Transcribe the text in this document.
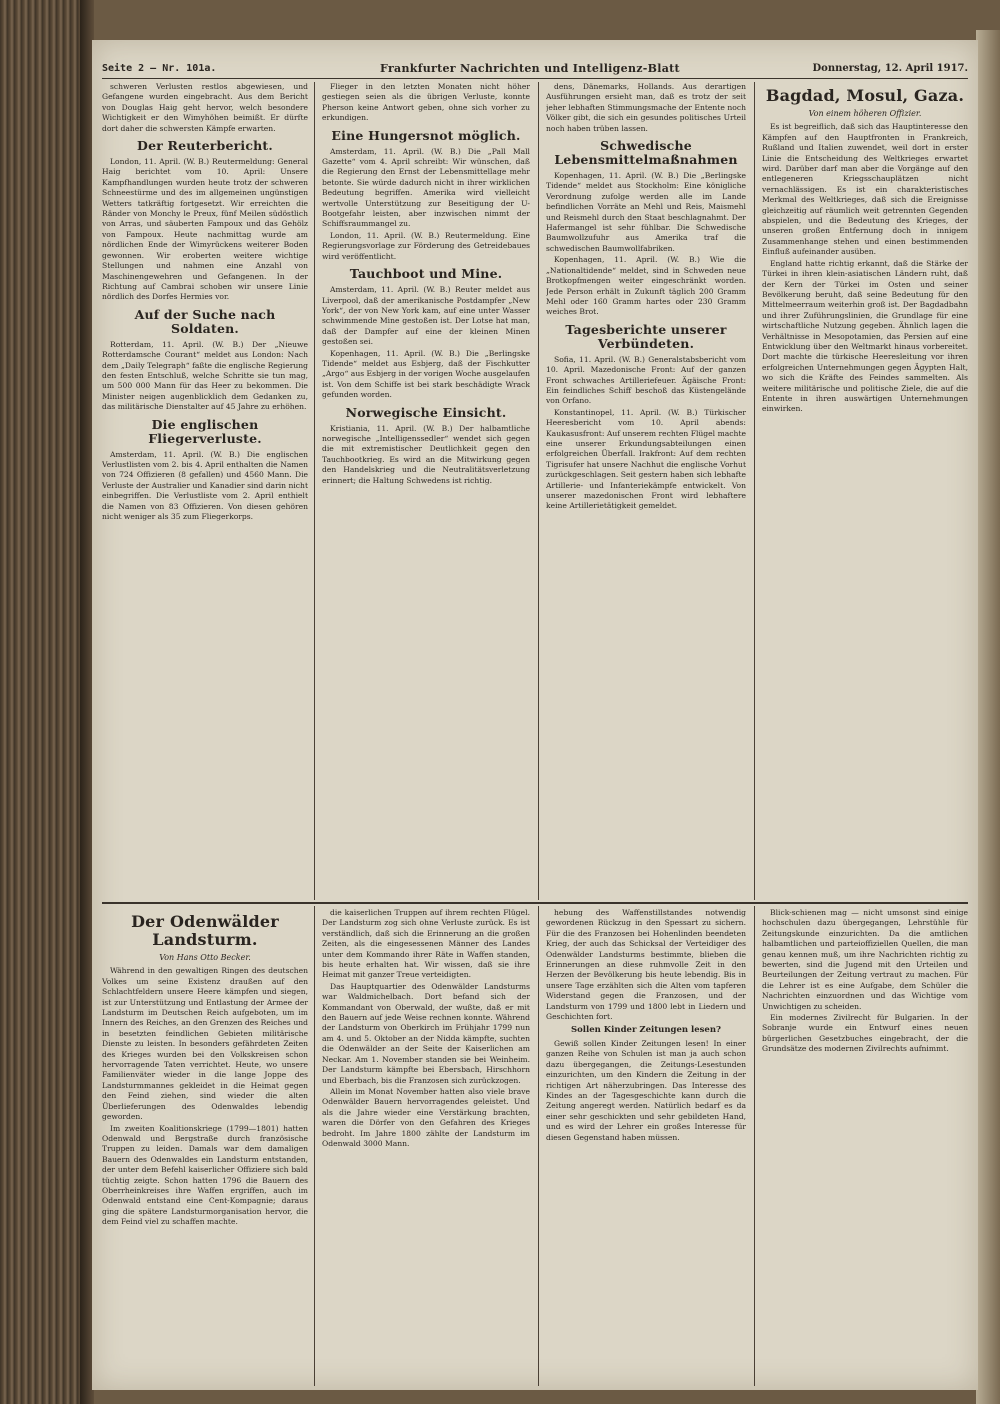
Seite 2 — Nr. 101a.	Frankfurter Nachrichten und Intelligenz-Blatt	Donnerstag, 12. April 1917.

schweren Verlusten restlos abgewiesen, und Gefangene wurden eingebracht. Aus dem Bericht von Douglas Haig geht hervor, welch besondere Wichtigkeit er den Wimyhöhen beimißt. Er dürfte dort daher die schwersten Kämpfe erwarten.

Der Reuterbericht.

London, 11. April. (W. B.) Reutermeldung: General Haig berichtet vom 10. April: Unsere Kampfhandlungen wurden heute trotz der schweren Schneestürme und des im allgemeinen ungünstigen Wetters tatkräftig fortgesetzt. Wir erreichten die Ränder von Monchy le Preux, fünf Meilen südöstlich von Arras, und säuberten Fampoux und das Gehölz von Fampoux. Heute nachmittag wurde am nördlichen Ende der Wimyrückens weiterer Boden gewonnen. Wir eroberten weitere wichtige Stellungen und nahmen eine Anzahl von Maschinengewehren und Gefangenen. In der Richtung auf Cambrai schoben wir unsere Linie nördlich des Dorfes Hermies vor.

Auf der Suche nach Soldaten.

Rotterdam, 11. April. (W. B.) Der „Nieuwe Rotterdamsche Courant“ meldet aus London: Nach dem „Daily Telegraph“ faßte die englische Regierung den festen Entschluß, welche Schritte sie tun mag, um 500 000 Mann für das Heer zu bekommen. Die Minister neigen augenblicklich dem Gedanken zu, das militärische Dienstalter auf 45 Jahre zu erhöhen.

Die englischen Fliegerverluste.

Amsterdam, 11. April. (W. B.) Die englischen Verlustlisten vom 2. bis 4. April enthalten die Namen von 724 Offizieren (8 gefallen) und 4560 Mann. Die Verluste der Australier und Kanadier sind darin nicht einbegriffen. Die Verlustliste vom 2. April enthielt die Namen von 83 Offizieren. Von diesen gehören nicht weniger als 35 zum Fliegerkorps.

Flieger in den letzten Monaten nicht höher gestiegen seien als die übrigen Verluste, konnte Pherson keine Antwort geben, ohne sich vorher zu erkundigen.

Eine Hungersnot möglich.

Amsterdam, 11. April. (W. B.) Die „Pall Mall Gazette“ vom 4. April schreibt: Wir wünschen, daß die Regierung den Ernst der Lebensmittellage mehr betonte. Sie würde dadurch nicht in ihrer wirklichen Bedeutung begriffen. Amerika wird vielleicht wertvolle Unterstützung zur Beseitigung der U-Bootgefahr leisten, aber inzwischen nimmt der Schiffsraummangel zu.

London, 11. April. (W. B.) Reutermeldung. Eine Regierungsvorlage zur Förderung des Getreidebaues wird veröffentlicht.

Tauchboot und Mine.

Amsterdam, 11. April. (W. B.) Reuter meldet aus Liverpool, daß der amerikanische Postdampfer „New York“, der von New York kam, auf eine unter Wasser schwimmende Mine gestoßen ist. Der Lotse hat man, daß der Dampfer auf eine der kleinen Minen gestoßen sei.

Kopenhagen, 11. April. (W. B.) Die „Berlingske Tidende“ meldet aus Esbjerg, daß der Fischkutter „Argo“ aus Esbjerg in der vorigen Woche ausgelaufen ist. Von dem Schiffe ist bei stark beschädigte Wrack gefunden worden.

Norwegische Einsicht.

Kristiania, 11. April. (W. B.) Der halbamtliche norwegische „Intelligenssedler“ wendet sich gegen die mit extremistischer Deutlichkeit gegen den Tauchbootkrieg. Es wird an die Mitwirkung gegen den Handelskrieg und die Neutralitätsverletzung erinnert; die Haltung Schwedens ist richtig.

dens, Dänemarks, Hollands. Aus derartigen Ausführungen ersieht man, daß es trotz der seit jeher lebhaften Stimmungsmache der Entente noch Völker gibt, die sich ein gesundes politisches Urteil noch haben trüben lassen.

Schwedische Lebensmittelmaßnahmen

Kopenhagen, 11. April. (W. B.) Die „Berlingske Tidende“ meldet aus Stockholm: Eine königliche Verordnung zufolge werden alle im Lande befindlichen Vorräte an Mehl und Reis, Maismehl und Reismehl durch den Staat beschlagnahmt. Der Hafermangel ist sehr fühlbar. Die Schwedische Baumwollzufuhr aus Amerika traf die schwedischen Baumwollfabriken.

Kopenhagen, 11. April. (W. B.) Wie die „Nationaltidende“ meldet, sind in Schweden neue Brotkopfmengen weiter eingeschränkt worden. Jede Person erhält in Zukunft täglich 200 Gramm Mehl oder 160 Gramm hartes oder 230 Gramm weiches Brot.

Tagesberichte unserer Verbündeten.

Sofia, 11. April. (W. B.) Generalstabsbericht vom 10. April. Mazedonische Front: Auf der ganzen Front schwaches Artilleriefeuer. Ägäische Front: Ein feindliches Schiff beschoß das Küstengelände von Orfano.

Konstantinopel, 11. April. (W. B.) Türkischer Heeresbericht vom 10. April abends: Kaukasusfront: Auf unserem rechten Flügel machte eine unserer Erkundungsabteilungen einen erfolgreichen Überfall. Irakfront: Auf dem rechten Tigrisufer hat unsere Nachhut die englische Vorhut zurückgeschlagen. Seit gestern haben sich lebhafte Artillerie- und Infanteriekämpfe entwickelt. Von unserer mazedonischen Front wird lebhaftere keine Artillerietätigkeit gemeldet.

Bagdad, Mosul, Gaza.
Von einem höheren Offizier.

Es ist begreiflich, daß sich das Hauptinteresse den Kämpfen auf den Hauptfronten in Frankreich, Rußland und Italien zuwendet, weil dort in erster Linie die Entscheidung des Weltkrieges erwartet wird. Darüber darf man aber die Vorgänge auf den entlegeneren Kriegsschauplätzen nicht vernachlässigen. Es ist ein charakteristisches Merkmal des Weltkrieges, daß sich die Ereignisse gleichzeitig auf räumlich weit getrennten Gegenden abspielen, und die Bedeutung des Krieges, der unseren großen Entfernung doch in innigem Zusammenhange stehen und einen bestimmenden Einfluß aufeinander ausüben.

England hatte richtig erkannt, daß die Stärke der Türkei in ihren klein-asiatischen Ländern ruht, daß der Kern der Türkei im Osten und seiner Bevölkerung beruht, daß seine Bedeutung für den Mittelmeerraum weiterhin groß ist. Der Bagdadbahn und ihrer Zuführungslinien, die Grundlage für eine wirtschaftliche Nutzung gegeben. Ähnlich lagen die Verhältnisse in Mesopotamien, das Persien auf eine Entwicklung über den Weltmarkt hinaus vorbereitet. Dort machte die türkische Heeresleitung vor ihren erfolgreichen Unternehmungen gegen Ägypten Halt, wo sich die Kräfte des Feindes sammelten. Als weitere militärische und politische Ziele, die auf die Entente in ihren auswärtigen Unternehmungen einwirken.

Der Odenwälder Landsturm.
Von Hans Otto Becker.

Während in den gewaltigen Ringen des deutschen Volkes um seine Existenz draußen auf den Schlachtfeldern unsere Heere kämpfen und siegen, ist zur Unterstützung und Entlastung der Armee der Landsturm im Deutschen Reich aufgeboten, um im Innern des Reiches, an den Grenzen des Reiches und in besetzten feindlichen Gebieten militärische Dienste zu leisten. In besonders gefährdeten Zeiten des Krieges wurden bei den Volkskreisen schon hervorragende Taten verrichtet. Heute, wo unsere Familienväter wieder in die lange Joppe des Landsturmmannes gekleidet in die Heimat gegen den Feind ziehen, sind wieder die alten Überlieferungen des Odenwaldes lebendig geworden.

Im zweiten Koalitionskriege (1799—1801) hatten Odenwald und Bergstraße durch französische Truppen zu leiden. Damals war dem damaligen Bauern des Odenwaldes ein Landsturm entstanden, der unter dem Befehl kaiserlicher Offiziere sich bald tüchtig zeigte. Schon hatten 1796 die Bauern des Oberrheinkreises ihre Waffen ergriffen, auch im Odenwald entstand eine Cent-Kompagnie; daraus ging die spätere Landsturmorganisation hervor, die dem Feind viel zu schaffen machte.

die kaiserlichen Truppen auf ihrem rechten Flügel. Der Landsturm zog sich ohne Verluste zurück. Es ist verständlich, daß sich die Erinnerung an die großen Zeiten, als die eingesessenen Männer des Landes unter dem Kommando ihrer Räte in Waffen standen, bis heute erhalten hat. Wir wissen, daß sie ihre Heimat mit ganzer Treue verteidigten.

Das Hauptquartier des Odenwälder Landsturms war Waldmichelbach. Dort befand sich der Kommandant von Oberwald, der wußte, daß er mit den Bauern auf jede Weise rechnen konnte. Während der Landsturm von Oberkirch im Frühjahr 1799 nun am 4. und 5. Oktober an der Nidda kämpfte, suchten die Odenwälder an der Seite der Kaiserlichen am Neckar. Am 1. November standen sie bei Weinheim. Der Landsturm kämpfte bei Ebersbach, Hirschhorn und Eberbach, bis die Franzosen sich zurückzogen.

Allein im Monat November hatten also viele brave Odenwälder Bauern hervorragendes geleistet. Und als die Jahre wieder eine Verstärkung brachten, waren die Dörfer von den Gefahren des Krieges bedroht. Im Jahre 1800 zählte der Landsturm im Odenwald 3000 Mann.

hebung des Waffenstillstandes notwendig gewordenen Rückzug in den Spessart zu sichern. Für die des Franzosen bei Hohenlinden beendeten Krieg, der auch das Schicksal der Verteidiger des Odenwälder Landsturms bestimmte, blieben die Erinnerungen an diese ruhmvolle Zeit in den Herzen der Bevölkerung bis heute lebendig. Bis in unsere Tage erzählten sich die Alten vom tapferen Widerstand gegen die Franzosen, und der Landsturm von 1799 und 1800 lebt in Liedern und Geschichten fort.

Sollen Kinder Zeitungen lesen?

Gewiß sollen Kinder Zeitungen lesen! In einer ganzen Reihe von Schulen ist man ja auch schon dazu übergegangen, die Zeitungs-Lesestunden einzurichten, um den Kindern die Zeitung in der richtigen Art näherzubringen. Das Interesse des Kindes an der Tagesgeschichte kann durch die Zeitung angeregt werden. Natürlich bedarf es da einer sehr geschickten und sehr gebildeten Hand, und es wird der Lehrer ein großes Interesse für diesen Gegenstand haben müssen.

Blick-schienen mag — nicht umsonst sind einige hochschulen dazu übergegangen, Lehrstühle für Zeitungskunde einzurichten. Da die amtlichen halbamtlichen und parteioffiziellen Quellen, die man genau kennen muß, um ihre Nachrichten richtig zu bewerten, sind die Jugend mit den Urteilen und Beurteilungen der Zeitung vertraut zu machen. Für die Lehrer ist es eine Aufgabe, dem Schüler die Nachrichten einzuordnen und das Wichtige vom Unwichtigen zu scheiden.

Ein modernes Zivilrecht für Bulgarien. In der Sobranje wurde ein Entwurf eines neuen bürgerlichen Gesetzbuches eingebracht, der die Grundsätze des modernen Zivilrechts aufnimmt.
